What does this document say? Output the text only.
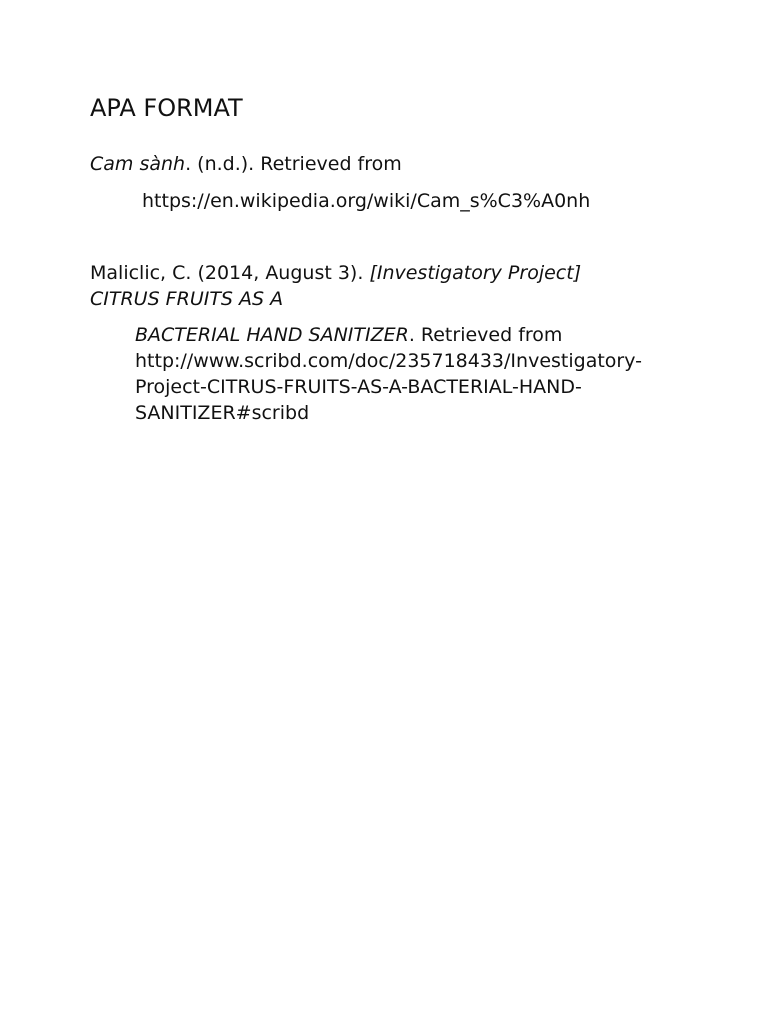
APA FORMAT

Cam sành. (n.d.). Retrieved from

https://en.wikipedia.org/wiki/Cam_s%C3%A0nh

Maliclic, C. (2014, August 3). [Investigatory Project]

CITRUS FRUITS AS A

BACTERIAL HAND SANITIZER. Retrieved from

http://www.scribd.com/doc/235718433/Investigatory-

Project-CITRUS-FRUITS-AS-A-BACTERIAL-HAND-

SANITIZER#scribd
